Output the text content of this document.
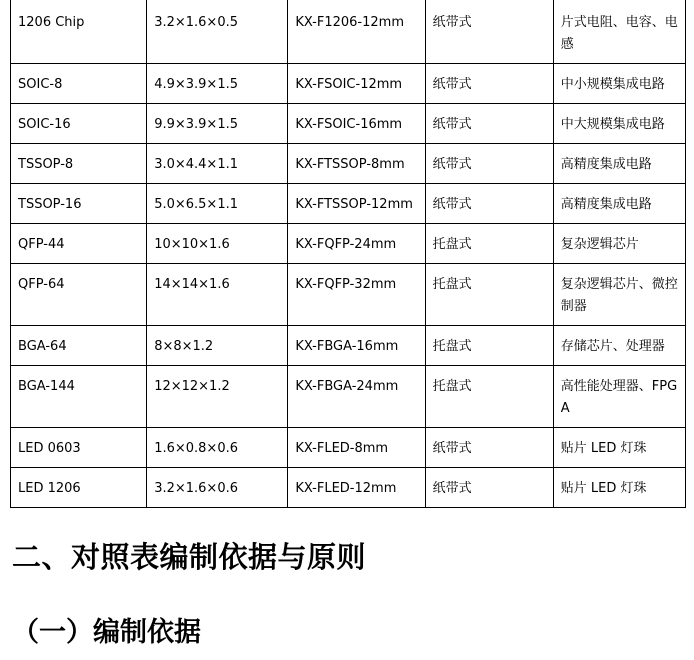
1206 Chip	3.2×1.6×0.5	KX-F1206-12mm	纸带式	片式电阻、电容、电感
SOIC-8	4.9×3.9×1.5	KX-FSOIC-12mm	纸带式	中小规模集成电路
SOIC-16	9.9×3.9×1.5	KX-FSOIC-16mm	纸带式	中大规模集成电路
TSSOP-8	3.0×4.4×1.1	KX-FTSSOP-8mm	纸带式	高精度集成电路
TSSOP-16	5.0×6.5×1.1	KX-FTSSOP-12mm	纸带式	高精度集成电路
QFP-44	10×10×1.6	KX-FQFP-24mm	托盘式	复杂逻辑芯片
QFP-64	14×14×1.6	KX-FQFP-32mm	托盘式	复杂逻辑芯片、微控制器
BGA-64	8×8×1.2	KX-FBGA-16mm	托盘式	存储芯片、处理器
BGA-144	12×12×1.2	KX-FBGA-24mm	托盘式	高性能处理器、FPGA
LED 0603	1.6×0.8×0.6	KX-FLED-8mm	纸带式	贴片 LED 灯珠
LED 1206	3.2×1.6×0.6	KX-FLED-12mm	纸带式	贴片 LED 灯珠
二、对照表编制依据与原则
（一）编制依据
